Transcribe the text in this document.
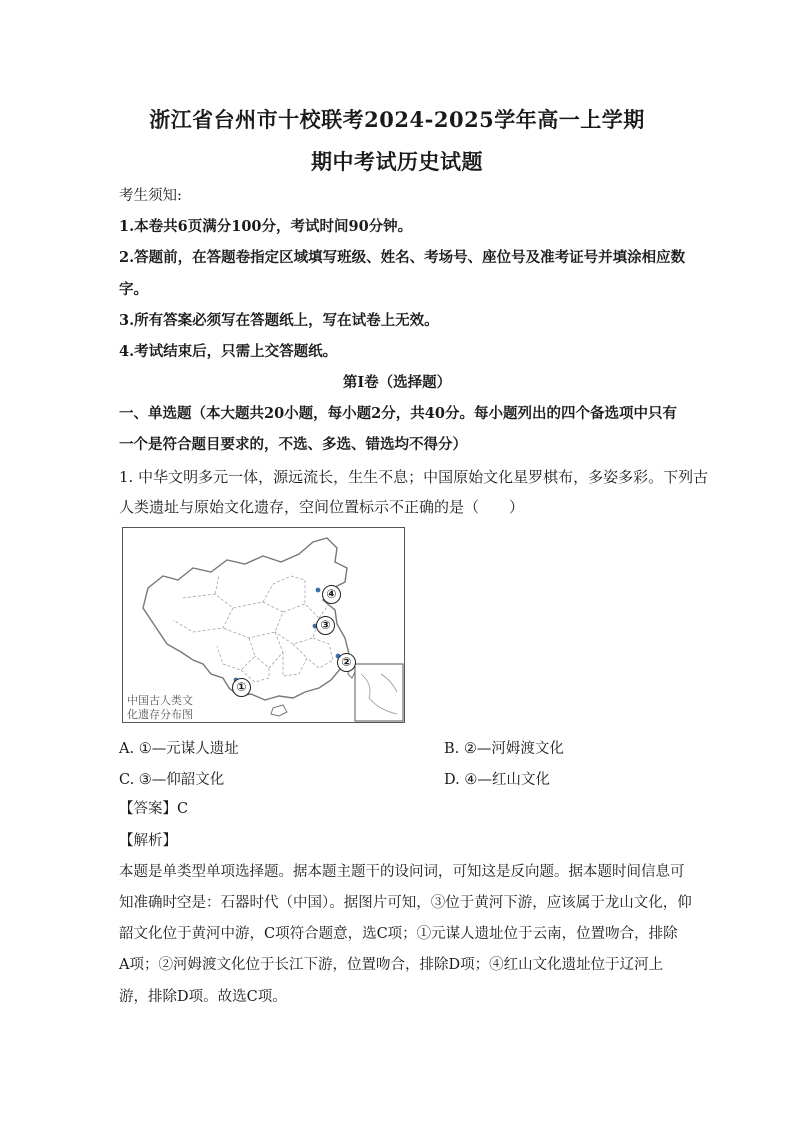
浙江省台州市十校联考2024-2025学年高一上学期
期中考试历史试题
考生须知:
1.本卷共6页满分100分，考试时间90分钟。
2.答题前，在答题卷指定区域填写班级、姓名、考场号、座位号及准考证号并填涂相应数
字。
3.所有答案必须写在答题纸上，写在试卷上无效。
4.考试结束后，只需上交答题纸。
第I卷（选择题）
一、单选题（本大题共20小题，每小题2分，共40分。每小题列出的四个备选项中只有
一个是符合题目要求的，不选、多选、错选均不得分）
1. 中华文明多元一体，源远流长，生生不息；中国原始文化星罗棋布，多姿多彩。下列古
人类遗址与原始文化遗存，空间位置标示不正确的是（　　）
④
③
②
①
中国古人类文
化遗存分布图
A. ①—元谋人遗址	B. ②—河姆渡文化
C. ③—仰韶文化	D. ④—红山文化
【答案】C
【解析】
本题是单类型单项选择题。据本题主题干的设问词，可知这是反向题。据本题时间信息可
知准确时空是：石器时代（中国）。据图片可知，③位于黄河下游，应该属于龙山文化，仰
韶文化位于黄河中游，C项符合题意，选C项；①元谋人遗址位于云南，位置吻合，排除
A项；②河姆渡文化位于长江下游，位置吻合，排除D项；④红山文化遗址位于辽河上
游，排除D项。故选C项。
